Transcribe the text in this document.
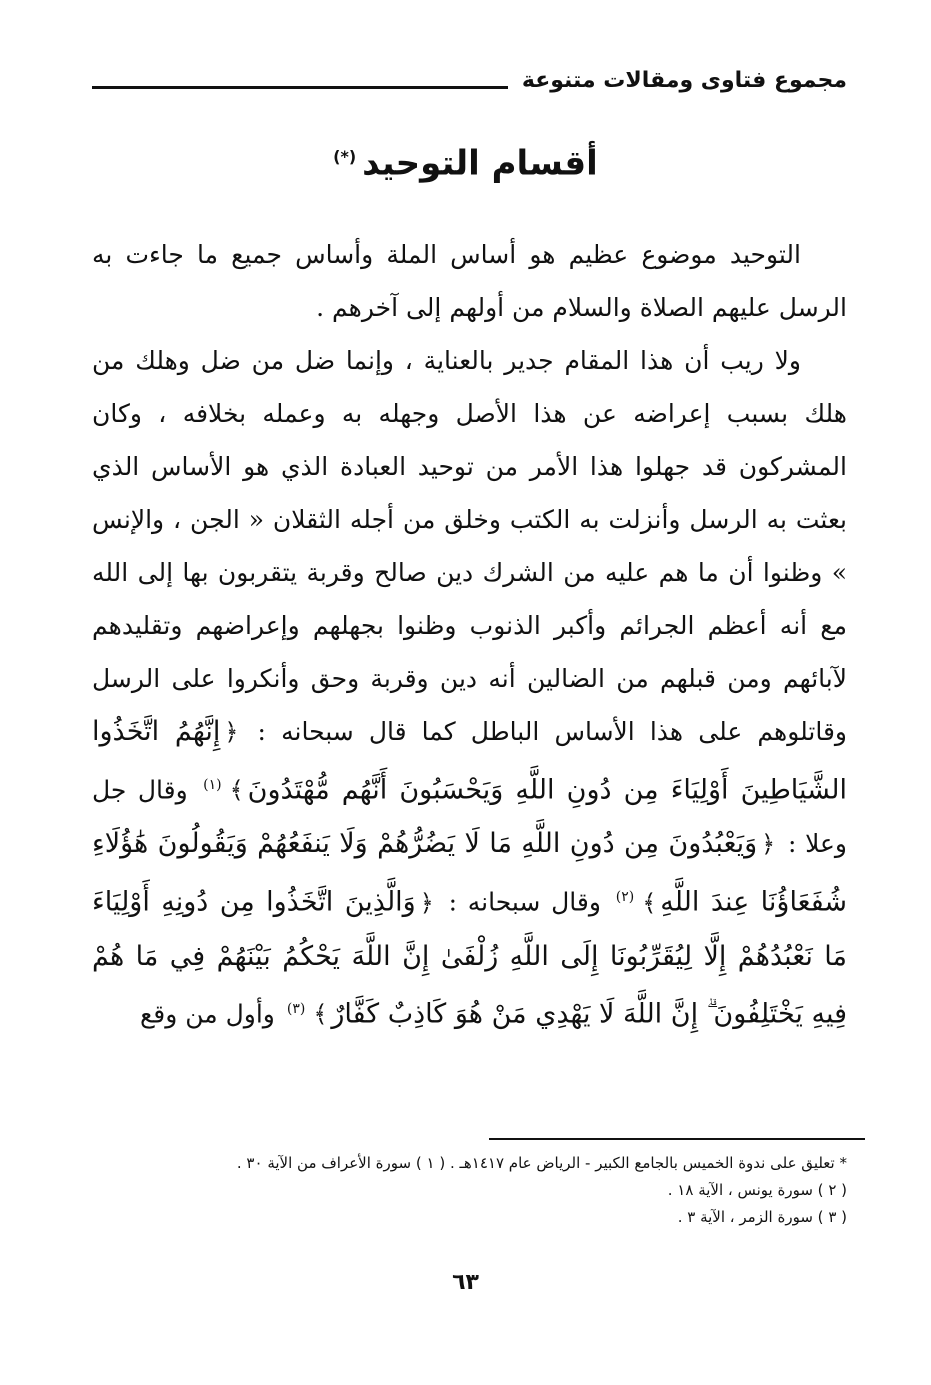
مجموع فتاوى ومقالات متنوعة
أقسام التوحيد(*)

التوحيد موضوع عظيم هو أساس الملة وأساس جميع ما جاءت به الرسل عليهم الصلاة والسلام من أولهم إلى آخرهم .

ولا ريب أن هذا المقام جدير بالعناية ، وإنما ضل من ضل وهلك من هلك بسبب إعراضه عن هذا الأصل وجهله به وعمله بخلافه ، وكان المشركون قد جهلوا هذا الأمر من توحيد العبادة الذي هو الأساس الذي بعثت به الرسل وأنزلت به الكتب وخلق من أجله الثقلان « الجن ، والإنس » وظنوا أن ما هم عليه من الشرك دين صالح وقربة يتقربون بها إلى الله مع أنه أعظم الجرائم وأكبر الذنوب وظنوا بجهلهم وإعراضهم وتقليدهم لآبائهم ومن قبلهم من الضالين أنه دين وقربة وحق وأنكروا على الرسل وقاتلوهم على هذا الأساس الباطل كما قال سبحانه : ﴿إِنَّهُمُ اتَّخَذُوا الشَّيَاطِينَ أَوْلِيَاءَ مِن دُونِ اللَّهِ وَيَحْسَبُونَ أَنَّهُم مُّهْتَدُونَ﴾$^{(١)}$ وقال جل وعلا : ﴿وَيَعْبُدُونَ مِن دُونِ اللَّهِ مَا لَا يَضُرُّهُمْ وَلَا يَنفَعُهُمْ وَيَقُولُونَ هَٰؤُلَاءِ شُفَعَاؤُنَا عِندَ اللَّهِ﴾$^{(٢)}$ وقال سبحانه : ﴿وَالَّذِينَ اتَّخَذُوا مِن دُونِهِ أَوْلِيَاءَ مَا نَعْبُدُهُمْ إِلَّا لِيُقَرِّبُونَا إِلَى اللَّهِ زُلْفَىٰ إِنَّ اللَّهَ يَحْكُمُ بَيْنَهُمْ فِي مَا هُمْ فِيهِ يَخْتَلِفُونَ ۗ إِنَّ اللَّهَ لَا يَهْدِي مَنْ هُوَ كَاذِبٌ كَفَّارٌ﴾$^{(٣)}$ وأول من وقع

* تعليق على ندوة الخميس بالجامع الكبير - الرياض عام ١٤١٧هـ . ( ١ ) سورة الأعراف من الآية ٣٠ .
( ٢ ) سورة يونس ، الآية ١٨ .
( ٣ ) سورة الزمر ، الآية ٣ .
٦٣
